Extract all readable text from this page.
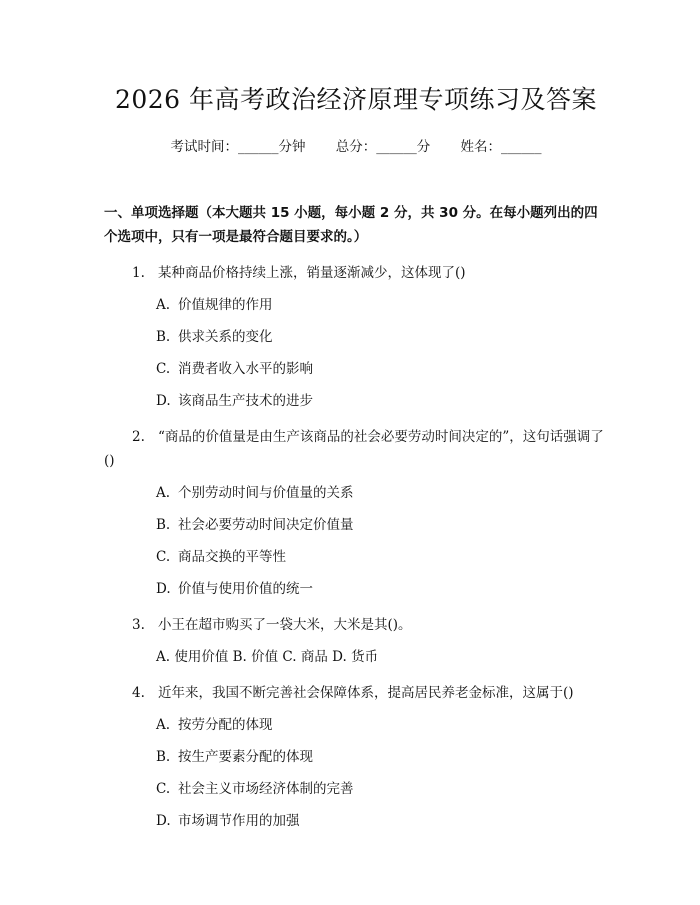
2026 年高考政治经济原理专项练习及答案
考试时间：______分钟 总分：______分 姓名：______
一、单项选择题（本大题共 15 小题，每小题 2 分，共 30 分。在每小题列出的四个选项中，只有一项是最符合题目要求的。）
1. 某种商品价格持续上涨，销量逐渐减少，这体现了()
A. 价值规律的作用
B. 供求关系的变化
C. 消费者收入水平的影响
D. 该商品生产技术的进步
2. “商品的价值量是由生产该商品的社会必要劳动时间决定的”，这句话强调了()
A. 个别劳动时间与价值量的关系
B. 社会必要劳动时间决定价值量
C. 商品交换的平等性
D. 价值与使用价值的统一
3. 小王在超市购买了一袋大米，大米是其()。
A. 使用价值 B. 价值 C. 商品 D. 货币
4. 近年来，我国不断完善社会保障体系，提高居民养老金标准，这属于()
A. 按劳分配的体现
B. 按生产要素分配的体现
C. 社会主义市场经济体制的完善
D. 市场调节作用的加强
